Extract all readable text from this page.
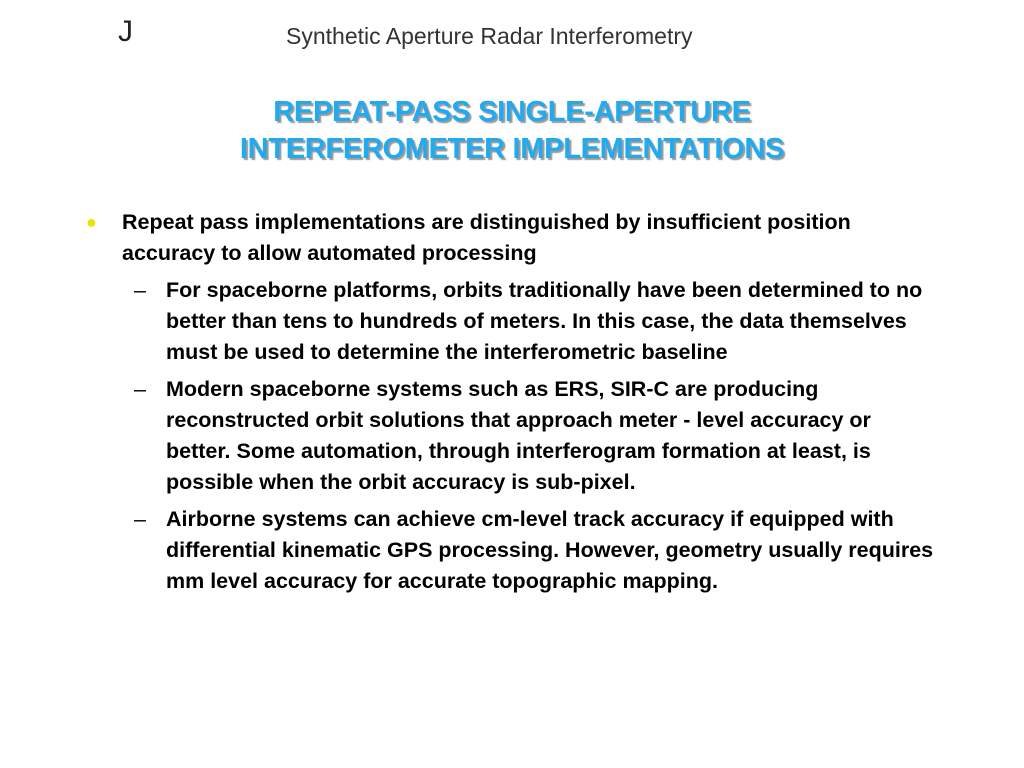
J	Synthetic Aperture Radar Interferometry
REPEAT-PASS SINGLE-APERTURE
INTERFEROMETER IMPLEMENTATIONS
● Repeat pass implementations are distinguished by insufficient position accuracy to allow automated processing
– For spaceborne platforms, orbits traditionally have been determined to no better than tens to hundreds of meters. In this case, the data themselves must be used to determine the interferometric baseline
– Modern spaceborne systems such as ERS, SIR-C are producing reconstructed orbit solutions that approach meter - level accuracy or better. Some automation, through interferogram formation at least, is possible when the orbit accuracy is sub-pixel.
– Airborne systems can achieve cm-level track accuracy if equipped with differential kinematic GPS processing. However, geometry usually requires mm level accuracy for accurate topographic mapping.
